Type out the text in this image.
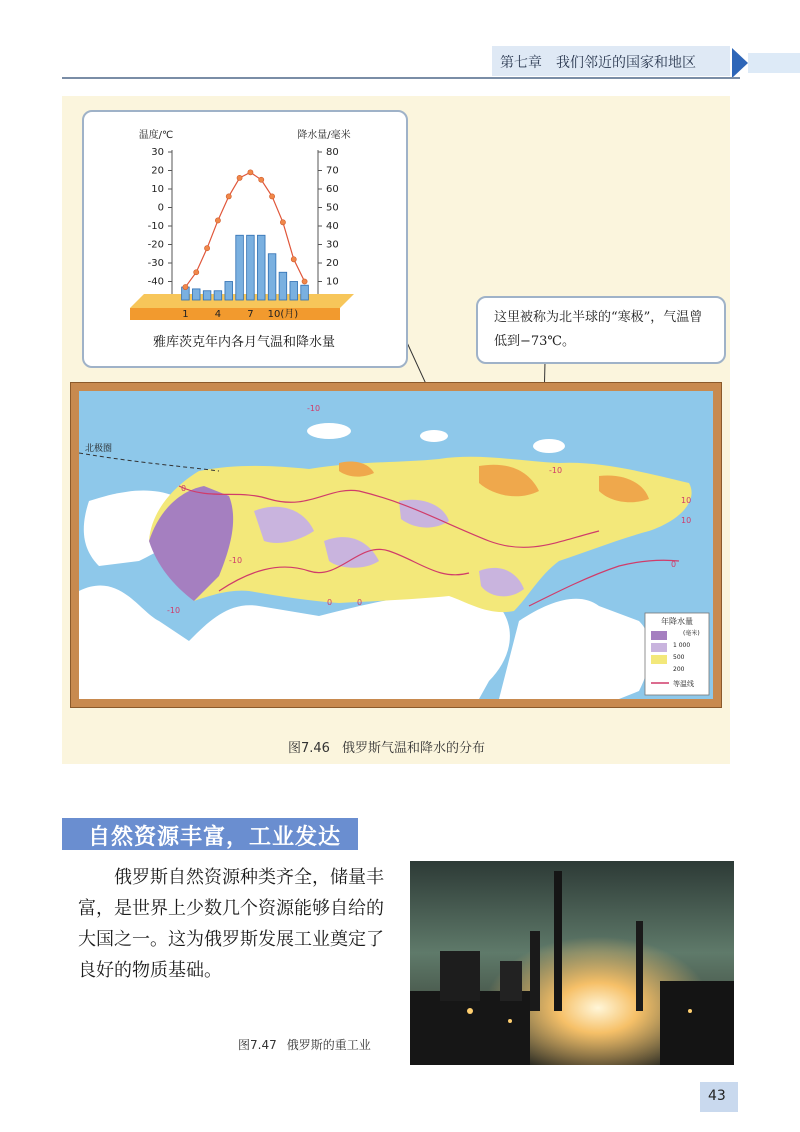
第七章 我们邻近的国家和地区
温度/℃	降水量/毫米
30
20
10
0
-10
-20
-30
-40
80
70
60
50
40
30
20
10
1	4	7 10(月)
雅库茨克年内各月气温和降水量
这里被称为北半球的“寒极”，气温曾低到−73℃。
北极圈
-10
0
-10
-10
0	0
10
10
-10
0
年降水量
(毫米)
1 000
500
200
等温线
图7.46 俄罗斯气温和降水的分布
自然资源丰富，工业发达
俄罗斯自然资源种类齐全，储量丰富，是世界上少数几个资源能够自给的大国之一。这为俄罗斯发展工业奠定了良好的物质基础。
图7.47 俄罗斯的重工业
43
